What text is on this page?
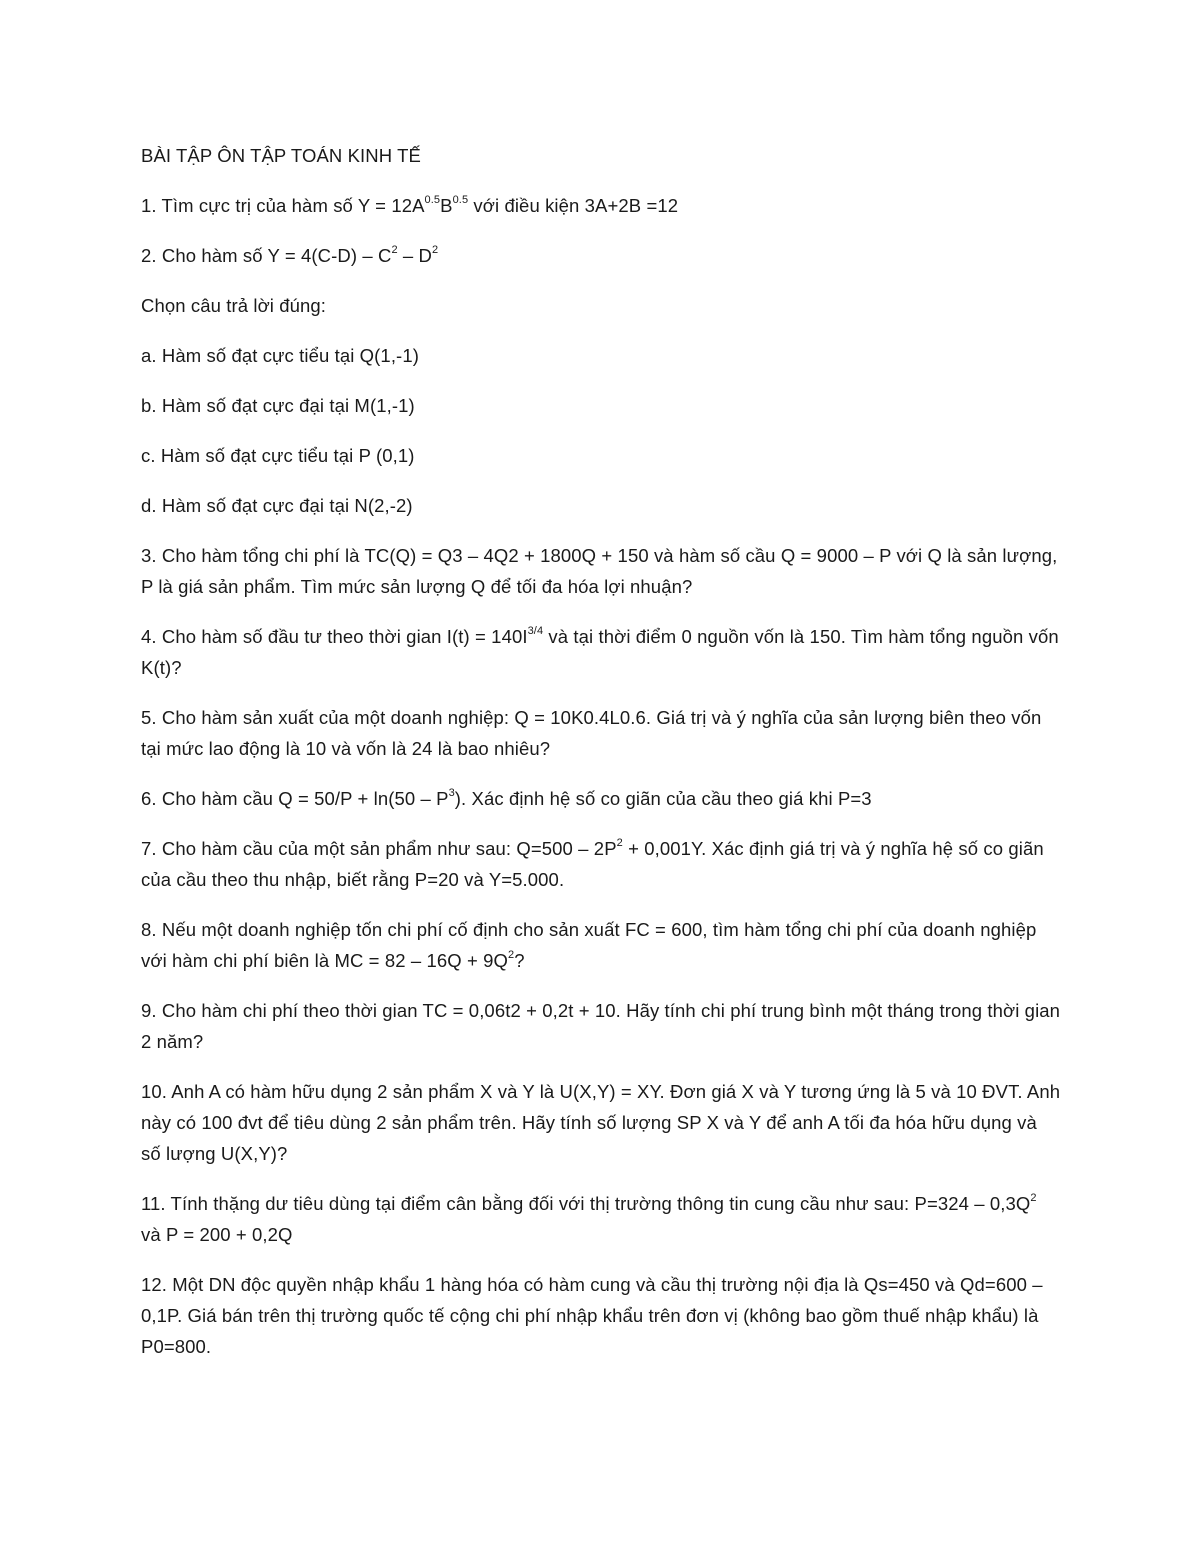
BÀI TẬP ÔN TẬP TOÁN KINH TẾ

1. Tìm cực trị của hàm số $Y = 12A^{0.5}B^{0.5}$ với điều kiện 3A+2B =12

2. Cho hàm số $Y = 4(C-D) - C^2 - D^2$

Chọn câu trả lời đúng:

a. Hàm số đạt cực tiểu tại Q(1,-1)

b. Hàm số đạt cực đại tại M(1,-1)

c. Hàm số đạt cực tiểu tại P (0,1)

d. Hàm số đạt cực đại tại N(2,-2)

3. Cho hàm tổng chi phí là TC(Q) = Q3 – 4Q2 + 1800Q + 150 và hàm số cầu Q = 9000 – P với Q là sản lượng, P là giá sản phẩm. Tìm mức sản lượng Q để tối đa hóa lợi nhuận?

4. Cho hàm số đầu tư theo thời gian $I(t) = 140I^{3/4}$ và tại thời điểm 0 nguồn vốn là 150. Tìm hàm tổng nguồn vốn K(t)?

5. Cho hàm sản xuất của một doanh nghiệp: Q = 10K0.4L0.6. Giá trị và ý nghĩa của sản lượng biên theo vốn tại mức lao động là 10 và vốn là 24 là bao nhiêu?

6. Cho hàm cầu $Q = 50/P + \ln(50 - P^3)$. Xác định hệ số co giãn của cầu theo giá khi P=3

7. Cho hàm cầu của một sản phẩm như sau: $Q=500 - 2P^2 + 0,001Y$. Xác định giá trị và ý nghĩa hệ số co giãn của cầu theo thu nhập, biết rằng P=20 và Y=5.000.

8. Nếu một doanh nghiệp tốn chi phí cố định cho sản xuất FC = 600, tìm hàm tổng chi phí của doanh nghiệp với hàm chi phí biên là MC = $82 - 16Q + 9Q^2$?

9. Cho hàm chi phí theo thời gian TC = 0,06t2 + 0,2t + 10. Hãy tính chi phí trung bình một tháng trong thời gian 2 năm?

10. Anh A có hàm hữu dụng 2 sản phẩm X và Y là U(X,Y) = XY. Đơn giá X và Y tương ứng là 5 và 10 ĐVT. Anh này có 100 đvt để tiêu dùng 2 sản phẩm trên. Hãy tính số lượng SP X và Y để anh A tối đa hóa hữu dụng và số lượng U(X,Y)?

11. Tính thặng dư tiêu dùng tại điểm cân bằng đối với thị trường thông tin cung cầu như sau: $P=324 - 0,3Q^2$ và P = 200 + 0,2Q

12. Một DN độc quyền nhập khẩu 1 hàng hóa có hàm cung và cầu thị trường nội địa là Qs=450 và Qd=600 – 0,1P. Giá bán trên thị trường quốc tế cộng chi phí nhập khẩu trên đơn vị (không bao gồm thuế nhập khẩu) là P0=800.
